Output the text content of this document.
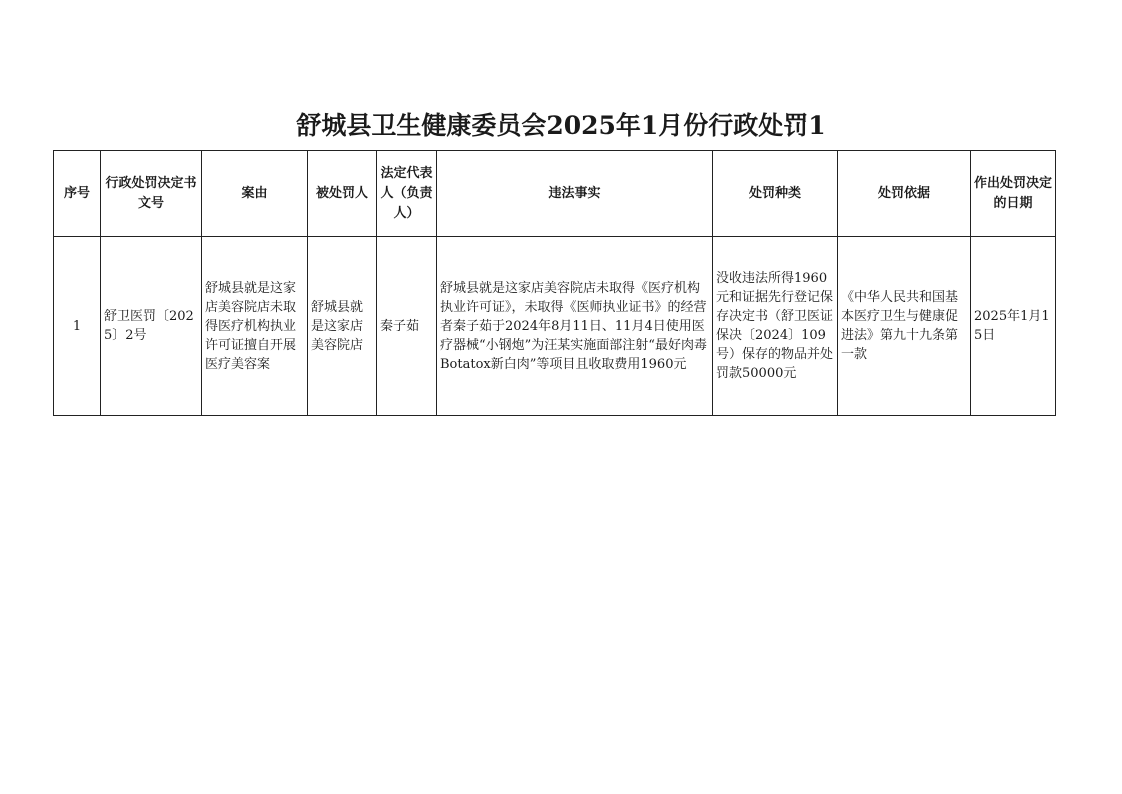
舒城县卫生健康委员会2025年1月份行政处罚1
序号	行政处罚决定书文号	案由	被处罚人	法定代表人（负责人）	违法事实	处罚种类	处罚依据	作出处罚决定的日期
1	舒卫医罚〔2025〕2号	舒城县就是这家店美容院店未取得医疗机构执业许可证擅自开展医疗美容案	舒城县就是这家店美容院店	秦子茹	舒城县就是这家店美容院店未取得《医疗机构执业许可证》，未取得《医师执业证书》的经营者秦子茹于2024年8月11日、11月4日使用医疗器械“小钢炮”为汪某实施面部注射“最好肉毒Botatox新白肉”等项目且收取费用1960元	没收违法所得1960元和证据先行登记保存决定书（舒卫医证保决〔2024〕109号）保存的物品并处罚款50000元	《中华人民共和国基本医疗卫生与健康促进法》第九十九条第一款	2025年1月15日
